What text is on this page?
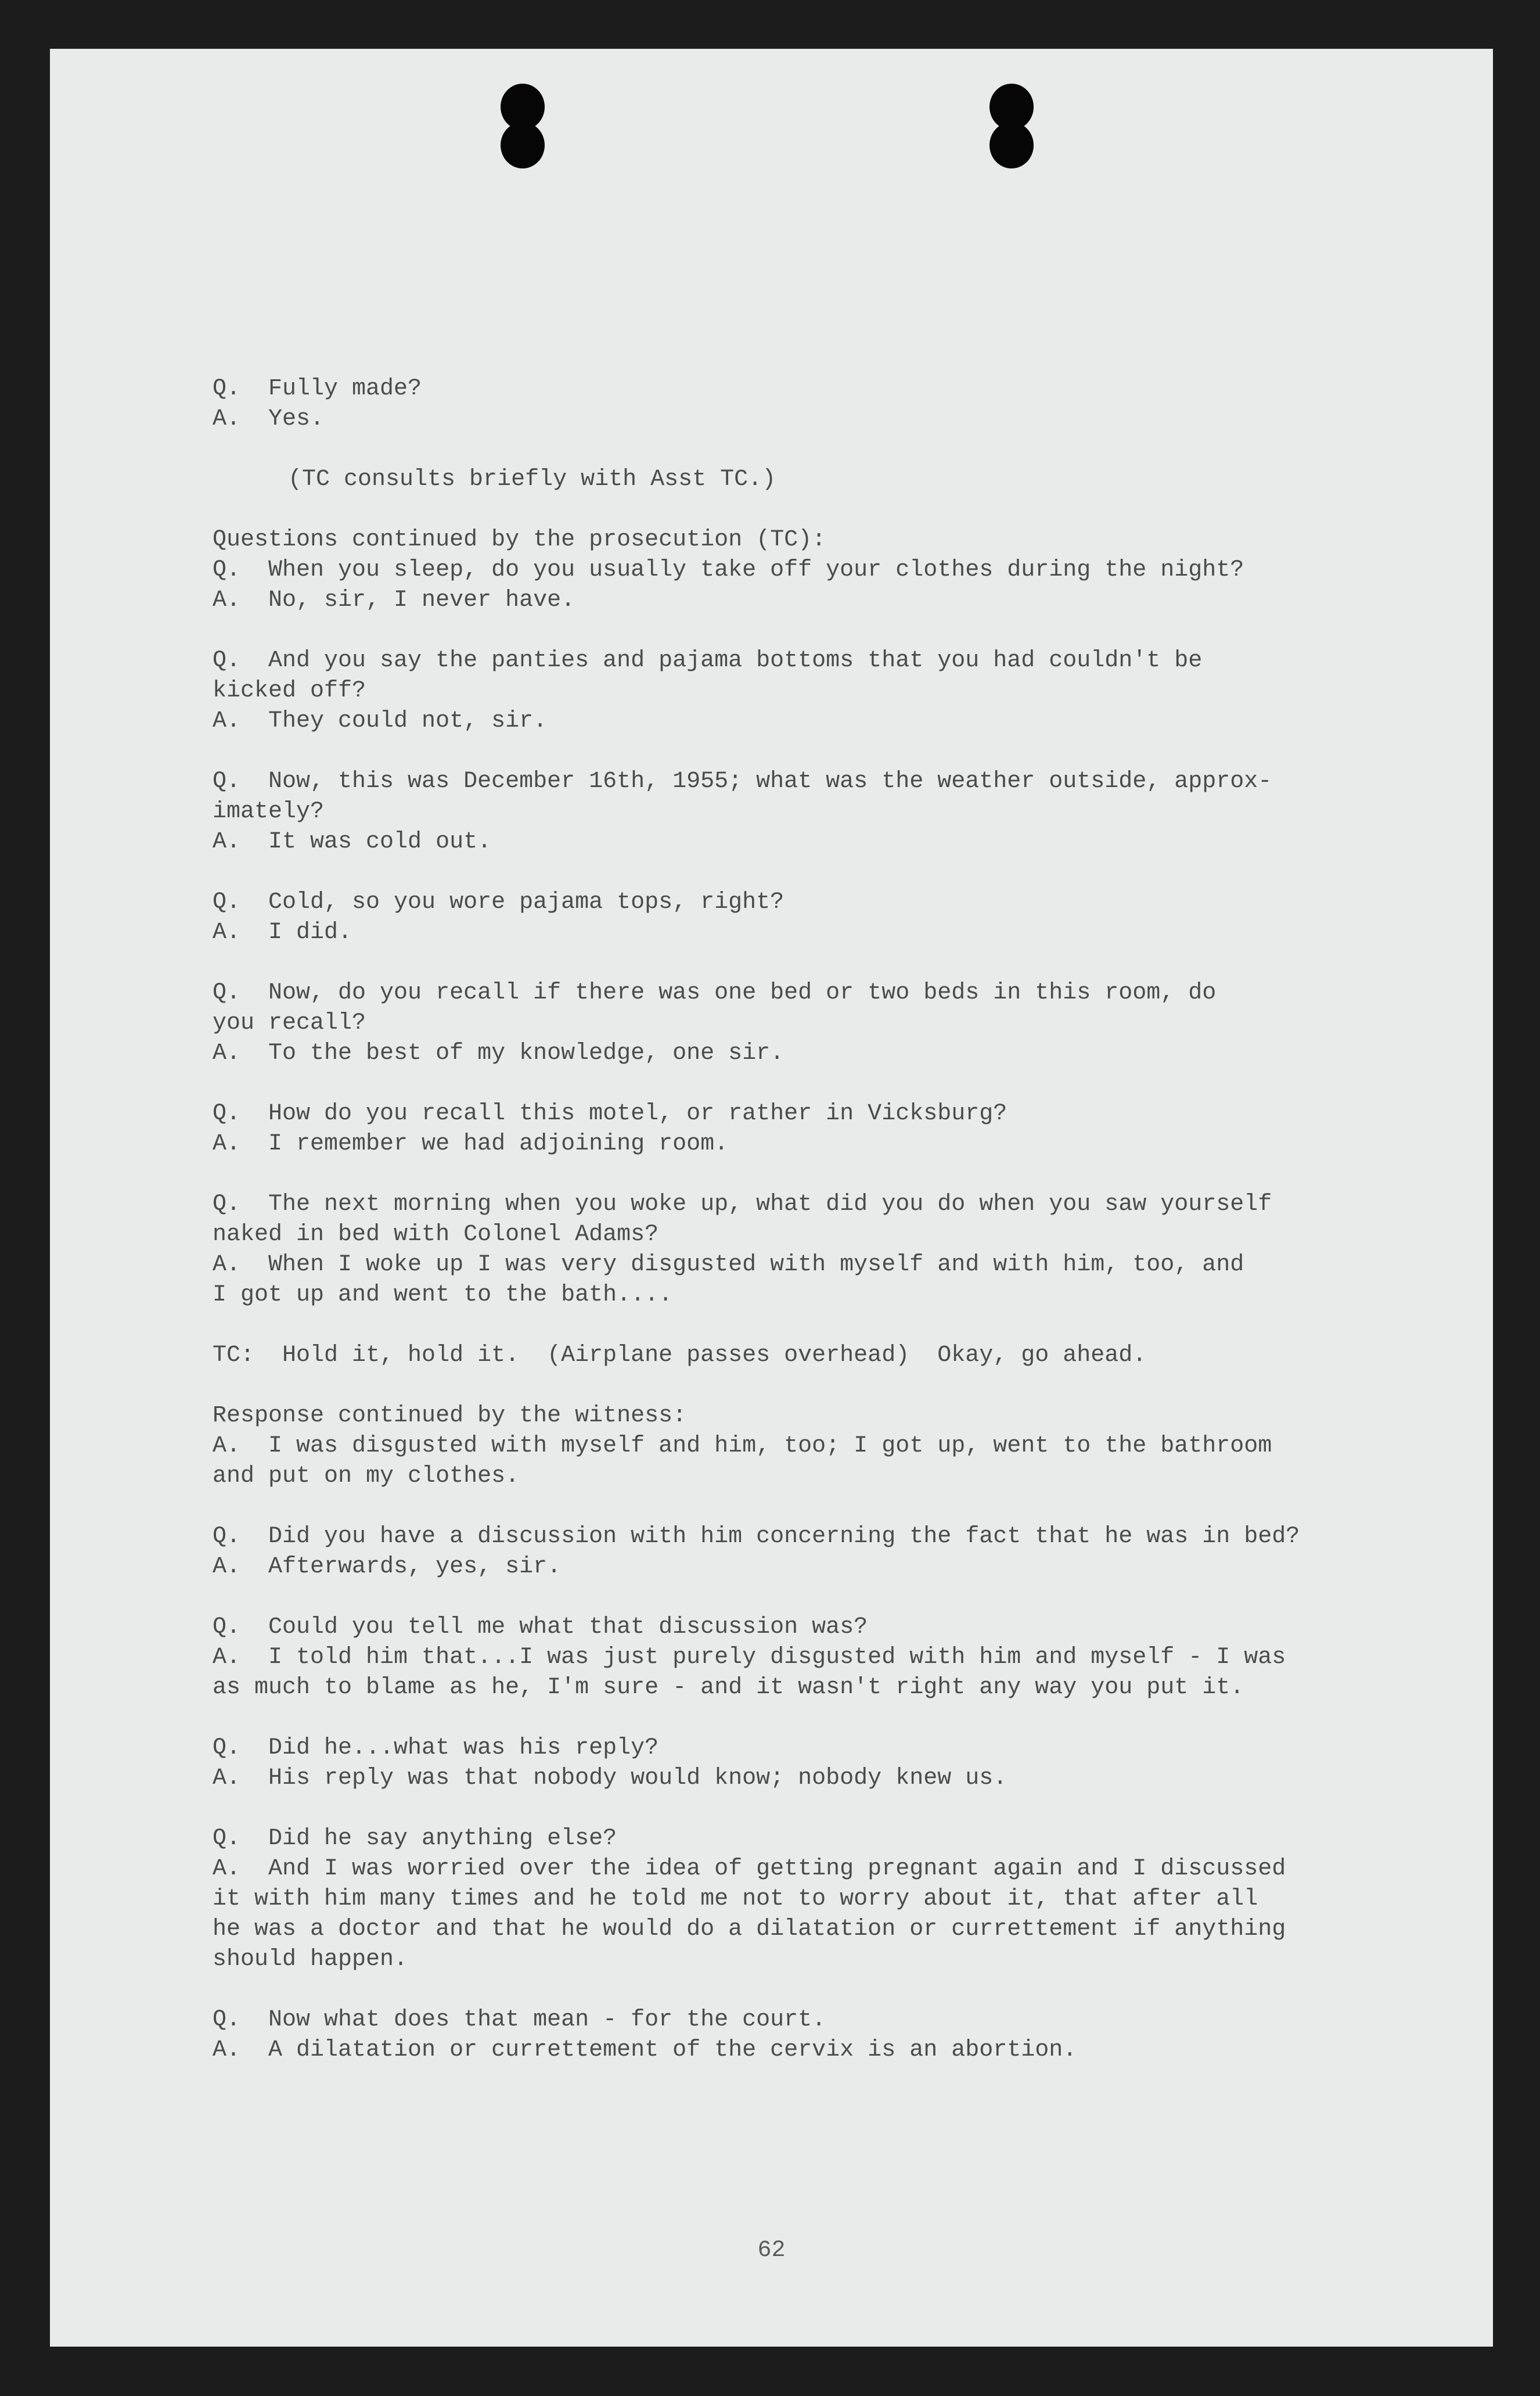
Q.  Fully made?
A.  Yes.
(TC consults briefly with Asst TC.)
Questions continued by the prosecution (TC):
Q.  When you sleep, do you usually take off your clothes during the night?
A.  No, sir, I never have.
Q.  And you say the panties and pajama bottoms that you had couldn't be
kicked off?
A.  They could not, sir.
Q.  Now, this was December 16th, 1955; what was the weather outside, approx-
imately?
A.  It was cold out.
Q.  Cold, so you wore pajama tops, right?
A.  I did.
Q.  Now, do you recall if there was one bed or two beds in this room, do
you recall?
A.  To the best of my knowledge, one sir.
Q.  How do you recall this motel, or rather in Vicksburg?
A.  I remember we had adjoining room.
Q.  The next morning when you woke up, what did you do when you saw yourself
naked in bed with Colonel Adams?
A.  When I woke up I was very disgusted with myself and with him, too, and
I got up and went to the bath....
TC:  Hold it, hold it.  (Airplane passes overhead)  Okay, go ahead.
Response continued by the witness:
A.  I was disgusted with myself and him, too; I got up, went to the bathroom
and put on my clothes.
Q.  Did you have a discussion with him concerning the fact that he was in bed?
A.  Afterwards, yes, sir.
Q.  Could you tell me what that discussion was?
A.  I told him that...I was just purely disgusted with him and myself - I was
as much to blame as he, I'm sure - and it wasn't right any way you put it.
Q.  Did he...what was his reply?
A.  His reply was that nobody would know; nobody knew us.
Q.  Did he say anything else?
A.  And I was worried over the idea of getting pregnant again and I discussed
it with him many times and he told me not to worry about it, that after all
he was a doctor and that he would do a dilatation or currettement if anything
should happen.
Q.  Now what does that mean - for the court.
A.  A dilatation or currettement of the cervix is an abortion.
62
